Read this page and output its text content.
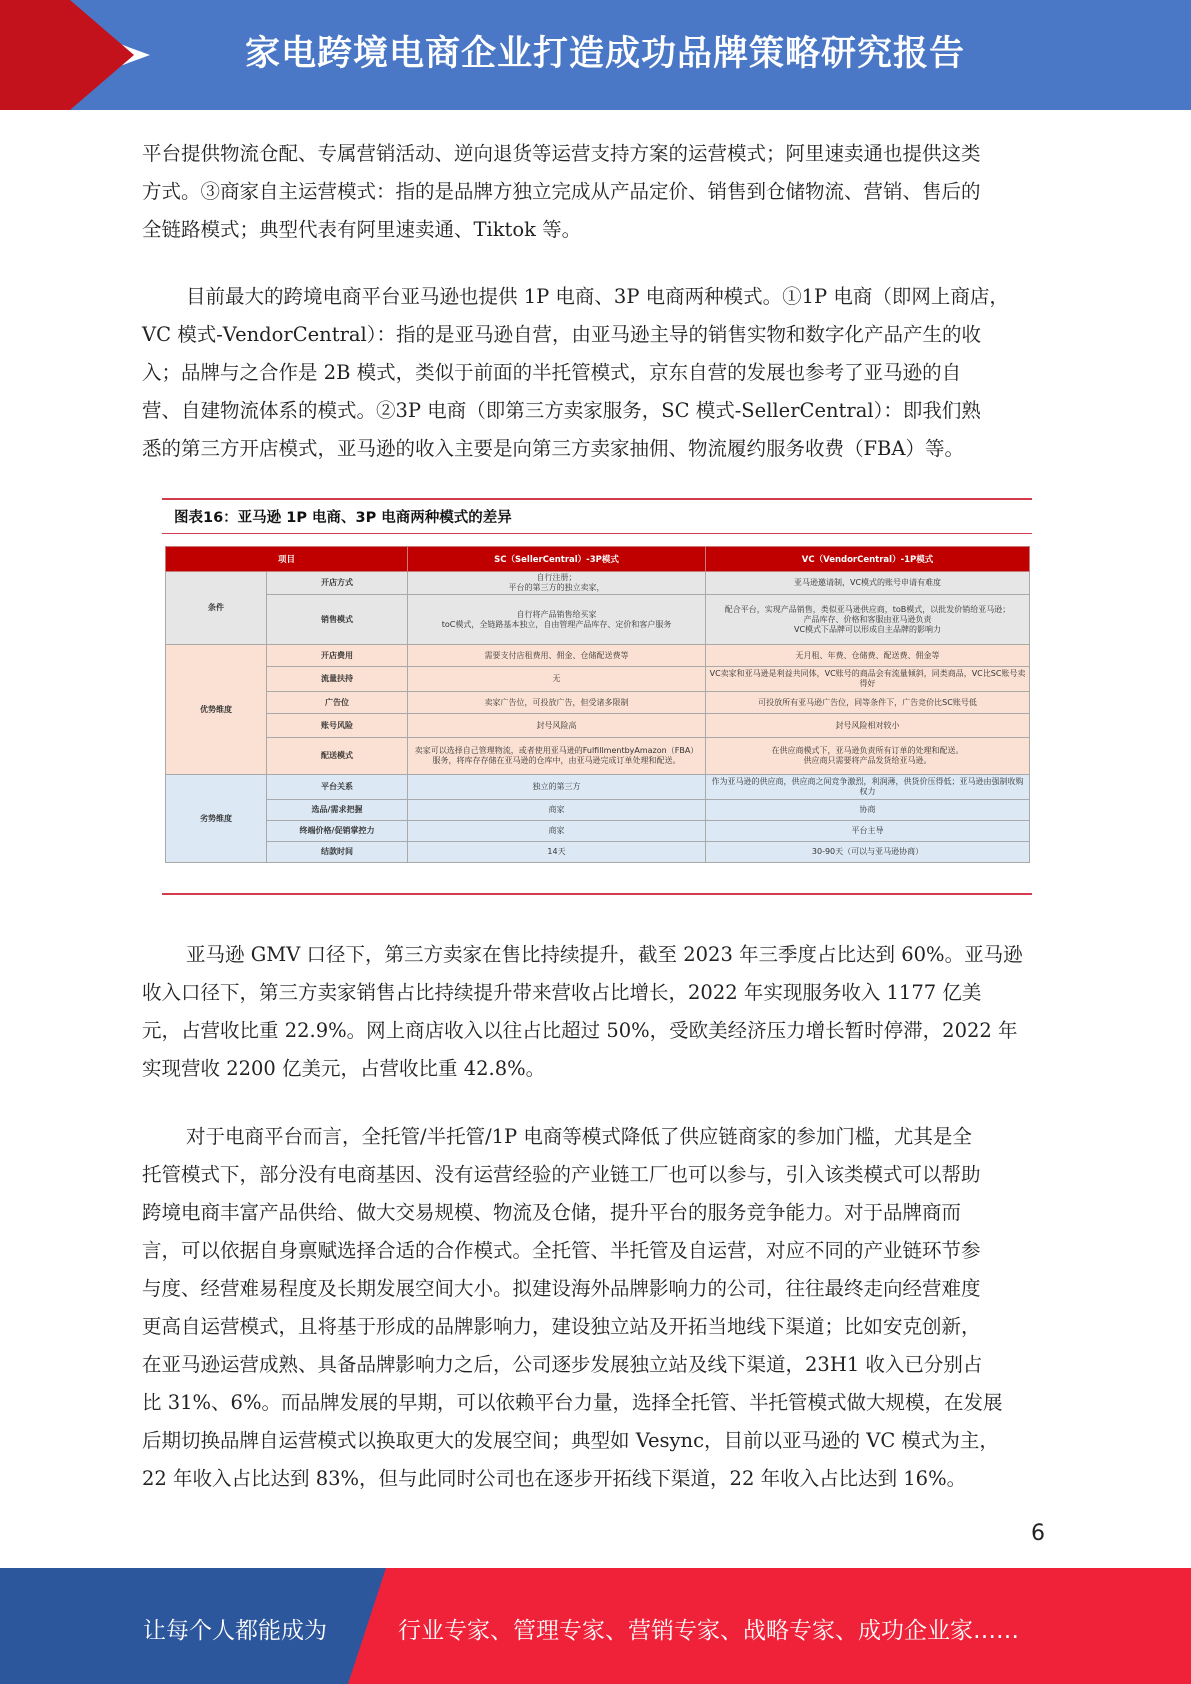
家电跨境电商企业打造成功品牌策略研究报告

平台提供物流仓配、专属营销活动、逆向退货等运营支持方案的运营模式；阿里速卖通也提供这类
方式。③商家自主运营模式：指的是品牌方独立完成从产品定价、销售到仓储物流、营销、售后的
全链路模式；典型代表有阿里速卖通、Tiktok 等。

目前最大的跨境电商平台亚马逊也提供 1P 电商、3P 电商两种模式。①1P 电商（即网上商店，
VC 模式-VendorCentral）：指的是亚马逊自营，由亚马逊主导的销售实物和数字化产品产生的收
入；品牌与之合作是 2B 模式，类似于前面的半托管模式，京东自营的发展也参考了亚马逊的自
营、自建物流体系的模式。②3P 电商（即第三方卖家服务，SC 模式-SellerCentral）：即我们熟
悉的第三方开店模式，亚马逊的收入主要是向第三方卖家抽佣、物流履约服务收费（FBA）等。

图表16：亚马逊 1P 电商、3P 电商两种模式的差异
项目		SC（SellerCentral）-3P模式	VC（VendorCentral）-1P模式
条件	开店方式	自行注册；
平台的第三方的独立卖家，	亚马逊邀请制，VC模式的账号申请有难度
	销售模式	自行将产品销售给买家
toC模式，全链路基本独立，自由管理产品库存、定价和客户服务	配合平台，实现产品销售，类似亚马逊供应商，toB模式，以批发价销给亚马逊；
产品库存、价格和客服由亚马逊负责
VC模式下品牌可以形成自主品牌的影响力
优势维度	开店费用	需要支付店租费用、佣金、仓储配送费等	无月租、年费、仓储费、配送费、佣金等
	流量扶持	无	VC卖家和亚马逊是利益共同体，VC账号的商品会有流量倾斜，同类商品，VC比SC账号卖得好
	广告位	卖家广告位，可投放广告，但受诸多限制	可投放所有亚马逊广告位，同等条件下，广告竞价比SC账号低
	账号风险	封号风险高	封号风险相对较小
	配送模式	卖家可以选择自己管理物流，或者使用亚马逊的FulfillmentbyAmazon（FBA）服务，将库存存储在亚马逊的仓库中，由亚马逊完成订单处理和配送。	在供应商模式下，亚马逊负责所有订单的处理和配送。
供应商只需要将产品发货给亚马逊。
劣势维度	平台关系	独立的第三方	作为亚马逊的供应商，供应商之间竞争激烈，利润薄，供货价压得低；亚马逊由强制收购权力
	选品/需求把握	商家	协商
	终端价格/促销掌控力	商家	平台主导
	结款时间	14天	30-90天（可以与亚马逊协商）

亚马逊 GMV 口径下，第三方卖家在售比持续提升，截至 2023 年三季度占比达到 60%。亚马逊
收入口径下，第三方卖家销售占比持续提升带来营收占比增长，2022 年实现服务收入 1177 亿美
元，占营收比重 22.9%。网上商店收入以往占比超过 50%，受欧美经济压力增长暂时停滞，2022 年
实现营收 2200 亿美元，占营收比重 42.8%。

对于电商平台而言，全托管/半托管/1P 电商等模式降低了供应链商家的参加门槛，尤其是全
托管模式下，部分没有电商基因、没有运营经验的产业链工厂也可以参与，引入该类模式可以帮助
跨境电商丰富产品供给、做大交易规模、物流及仓储，提升平台的服务竞争能力。对于品牌商而
言，可以依据自身禀赋选择合适的合作模式。全托管、半托管及自运营，对应不同的产业链环节参
与度、经营难易程度及长期发展空间大小。拟建设海外品牌影响力的公司，往往最终走向经营难度
更高自运营模式，且将基于形成的品牌影响力，建设独立站及开拓当地线下渠道；比如安克创新，
在亚马逊运营成熟、具备品牌影响力之后，公司逐步发展独立站及线下渠道，23H1 收入已分别占
比 31%、6%。而品牌发展的早期，可以依赖平台力量，选择全托管、半托管模式做大规模，在发展
后期切换品牌自运营模式以换取更大的发展空间；典型如 Vesync，目前以亚马逊的 VC 模式为主，
22 年收入占比达到 83%，但与此同时公司也在逐步开拓线下渠道，22 年收入占比达到 16%。

6
让每个人都能成为	行业专家、管理专家、营销专家、战略专家、成功企业家……
